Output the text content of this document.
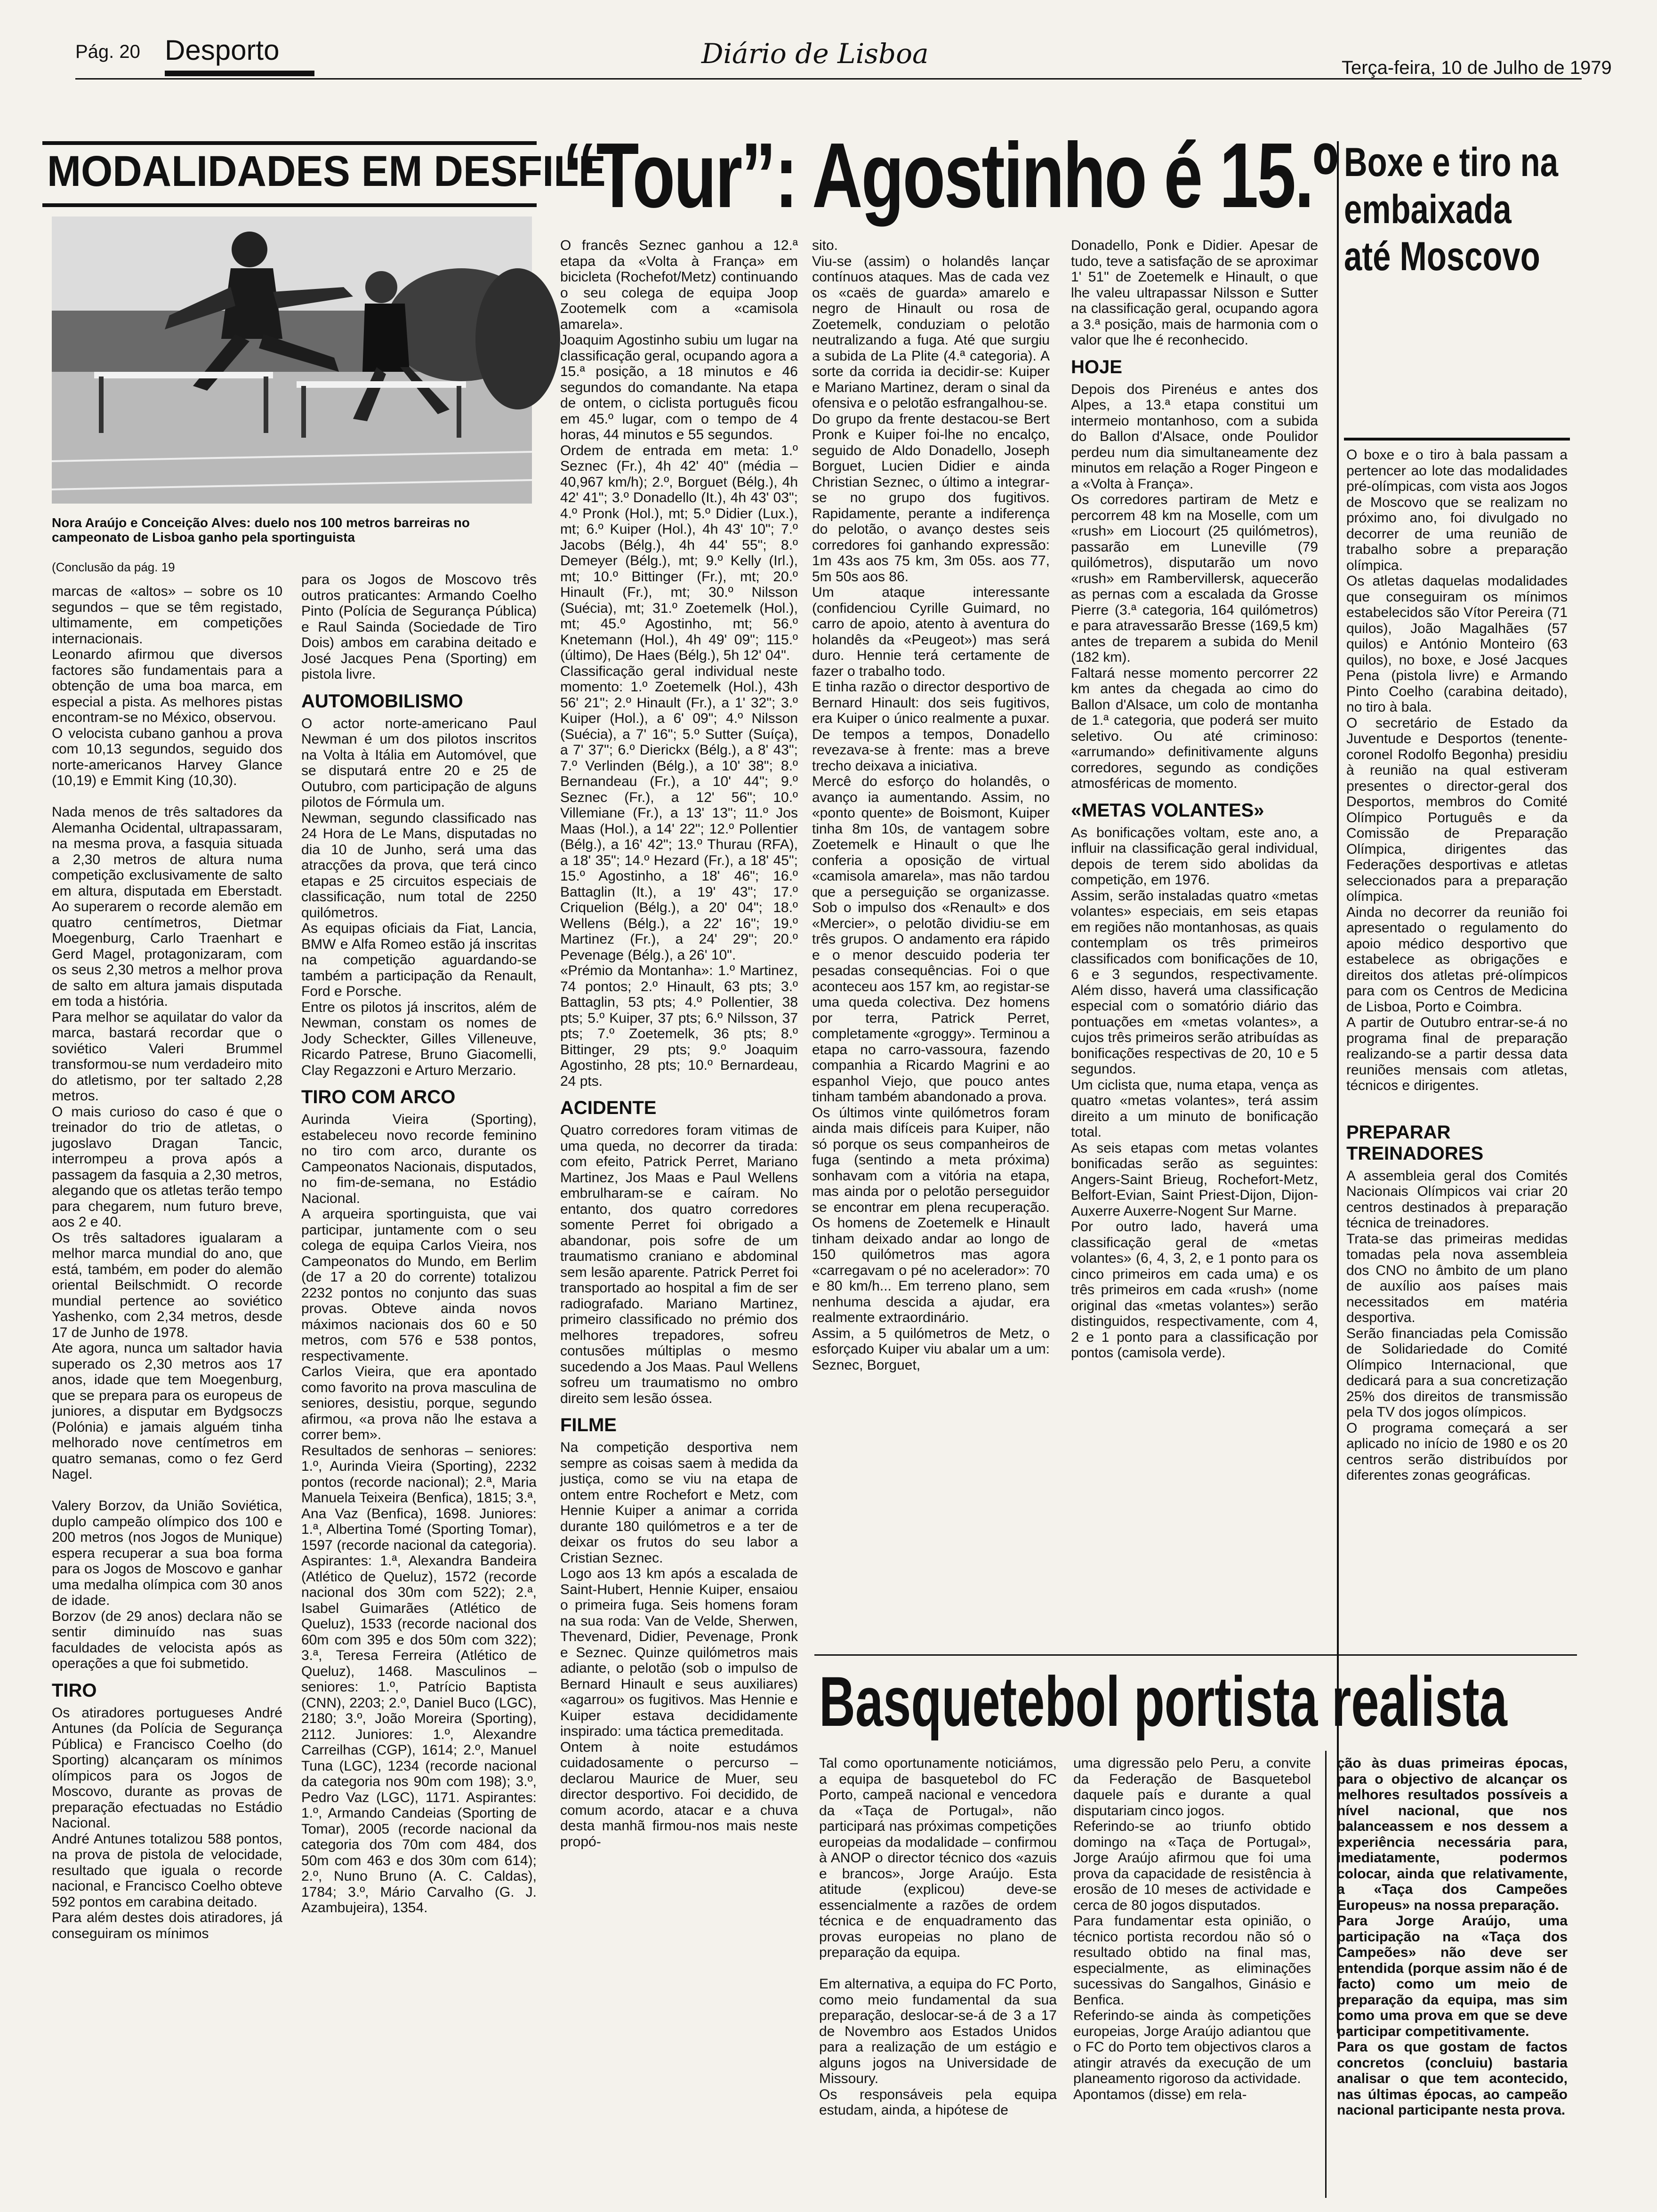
Pág. 20 Desporto	Diário de Lisboa	Terça-feira, 10 de Julho de 1979
MODALIDADES EM DESFILE
Nora Araújo e Conceição Alves: duelo nos 100 metros barreiras no campeonato de Lisboa ganho pela sportinguista
(Conclusão da pág. 19

marcas de «altos» – sobre os 10 segundos – que se têm registado, ultimamente, em competições internacionais.
Leonardo afirmou que diversos factores são fundamentais para a obtenção de uma boa marca, em especial a pista. As melhores pistas encontram-se no México, observou.
O velocista cubano ganhou a prova com 10,13 segundos, seguido dos norte-americanos Harvey Glance (10,19) e Emmit King (10,30).

Nada menos de três saltadores da Alemanha Ocidental, ultrapassaram, na mesma prova, a fasquia situada a 2,30 metros de altura numa competição exclusivamente de salto em altura, disputada em Eberstadt. Ao superarem o recorde alemão em quatro centímetros, Dietmar Moegenburg, Carlo Traenhart e Gerd Magel, protagonizaram, com os seus 2,30 metros a melhor prova de salto em altura jamais disputada em toda a história.
Para melhor se aquilatar do valor da marca, bastará recordar que o soviético Valeri Brummel transformou-se num verdadeiro mito do atletismo, por ter saltado 2,28 metros.
O mais curioso do caso é que o treinador do trio de atletas, o jugoslavo Dragan Tancic, interrompeu a prova após a passagem da fasquia a 2,30 metros, alegando que os atletas terão tempo para chegarem, num futuro breve, aos 2 e 40.
Os três saltadores igualaram a melhor marca mundial do ano, que está, também, em poder do alemão oriental Beilschmidt. O recorde mundial pertence ao soviético Yashenko, com 2,34 metros, desde 17 de Junho de 1978.
Ate agora, nunca um saltador havia superado os 2,30 metros aos 17 anos, idade que tem Moegenburg, que se prepara para os europeus de juniores, a disputar em Bydgsoczs (Polónia) e jamais alguém tinha melhorado nove centímetros em quatro semanas, como o fez Gerd Nagel.

Valery Borzov, da União Soviética, duplo campeão olímpico dos 100 e 200 metros (nos Jogos de Munique) espera recuperar a sua boa forma para os Jogos de Moscovo e ganhar uma medalha olímpica com 30 anos de idade.
Borzov (de 29 anos) declara não se sentir diminuído nas suas faculdades de velocista após as operações a que foi submetido.

TIRO

Os atiradores portugueses André Antunes (da Polícia de Segurança Pública) e Francisco Coelho (do Sporting) alcançaram os mínimos olímpicos para os Jogos de Moscovo, durante as provas de preparação efectuadas no Estádio Nacional.
André Antunes totalizou 588 pontos, na prova de pistola de velocidade, resultado que iguala o recorde nacional, e Francisco Coelho obteve 592 pontos em carabina deitado.
Para além destes dois atiradores, já conseguiram os mínimos

para os Jogos de Moscovo três outros praticantes: Armando Coelho Pinto (Polícia de Segurança Pública) e Raul Sainda (Sociedade de Tiro Dois) ambos em carabina deitado e José Jacques Pena (Sporting) em pistola livre.

AUTOMOBILISMO

O actor norte-americano Paul Newman é um dos pilotos inscritos na Volta à Itália em Automóvel, que se disputará entre 20 e 25 de Outubro, com participação de alguns pilotos de Fórmula um.
Newman, segundo classificado nas 24 Hora de Le Mans, disputadas no dia 10 de Junho, será uma das atracções da prova, que terá cinco etapas e 25 circuitos especiais de classificação, num total de 2250 quilómetros.
As equipas oficiais da Fiat, Lancia, BMW e Alfa Romeo estão já inscritas na competição aguardando-se também a participação da Renault, Ford e Porsche.
Entre os pilotos já inscritos, além de Newman, constam os nomes de Jody Scheckter, Gilles Villeneuve, Ricardo Patrese, Bruno Giacomelli, Clay Regazzoni e Arturo Merzario.

TIRO COM ARCO

Aurinda Vieira (Sporting), estabeleceu novo recorde feminino no tiro com arco, durante os Campeonatos Nacionais, disputados, no fim-de-semana, no Estádio Nacional.
A arqueira sportinguista, que vai participar, juntamente com o seu colega de equipa Carlos Vieira, nos Campeonatos do Mundo, em Berlim (de 17 a 20 do corrente) totalizou 2232 pontos no conjunto das suas provas. Obteve ainda novos máximos nacionais dos 60 e 50 metros, com 576 e 538 pontos, respectivamente.
Carlos Vieira, que era apontado como favorito na prova masculina de seniores, desistiu, porque, segundo afirmou, «a prova não lhe estava a correr bem».
Resultados de senhoras – seniores: 1.º, Aurinda Vieira (Sporting), 2232 pontos (recorde nacional); 2.ª, Maria Manuela Teixeira (Benfica), 1815; 3.ª, Ana Vaz (Benfica), 1698. Juniores: 1.ª, Albertina Tomé (Sporting Tomar), 1597 (recorde nacional da categoria). Aspirantes: 1.ª, Alexandra Bandeira (Atlético de Queluz), 1572 (recorde nacional dos 30m com 522); 2.ª, Isabel Guimarães (Atlético de Queluz), 1533 (recorde nacional dos 60m com 395 e dos 50m com 322); 3.ª, Teresa Ferreira (Atlético de Queluz), 1468. Masculinos – seniores: 1.º, Patrício Baptista (CNN), 2203; 2.º, Daniel Buco (LGC), 2180; 3.º, João Moreira (Sporting), 2112. Juniores: 1.º, Alexandre Carreilhas (CGP), 1614; 2.º, Manuel Tuna (LGC), 1234 (recorde nacional da categoria nos 90m com 198); 3.º, Pedro Vaz (LGC), 1171. Aspirantes: 1.º, Armando Candeias (Sporting de Tomar), 2005 (recorde nacional da categoria dos 70m com 484, dos 50m com 463 e dos 30m com 614); 2.º, Nuno Bruno (A. C. Caldas), 1784; 3.º, Mário Carvalho (G. J. Azambujeira), 1354.

“Tour”: Agostinho é 15.º

O francês Seznec ganhou a 12.ª etapa da «Volta à França» em bicicleta (Rochefot/Metz) continuando o seu colega de equipa Joop Zootemelk com a «camisola amarela».
Joaquim Agostinho subiu um lugar na classificação geral, ocupando agora a 15.ª posição, a 18 minutos e 46 segundos do comandante. Na etapa de ontem, o ciclista português ficou em 45.º lugar, com o tempo de 4 horas, 44 minutos e 55 segundos.
Ordem de entrada em meta: 1.º Seznec (Fr.), 4h 42' 40" (média – 40,967 km/h); 2.º, Borguet (Bélg.), 4h 42' 41"; 3.º Donadello (It.), 4h 43' 03"; 4.º Pronk (Hol.), mt; 5.º Didier (Lux.), mt; 6.º Kuiper (Hol.), 4h 43' 10"; 7.º Jacobs (Bélg.), 4h 44' 55"; 8.º Demeyer (Bélg.), mt; 9.º Kelly (Irl.), mt; 10.º Bittinger (Fr.), mt; 20.º Hinault (Fr.), mt; 30.º Nilsson (Suécia), mt; 31.º Zoetemelk (Hol.), mt; 45.º Agostinho, mt; 56.º Knetemann (Hol.), 4h 49' 09"; 115.º (último), De Haes (Bélg.), 5h 12' 04".
Classificação geral individual neste momento: 1.º Zoetemelk (Hol.), 43h 56' 21"; 2.º Hinault (Fr.), a 1' 32"; 3.º Kuiper (Hol.), a 6' 09"; 4.º Nilsson (Suécia), a 7' 16"; 5.º Sutter (Suíça), a 7' 37"; 6.º Dierickx (Bélg.), a 8' 43"; 7.º Verlinden (Bélg.), a 10' 38"; 8.º Bernandeau (Fr.), a 10' 44"; 9.º Seznec (Fr.), a 12' 56"; 10.º Villemiane (Fr.), a 13' 13"; 11.º Jos Maas (Hol.), a 14' 22"; 12.º Pollentier (Bélg.), a 16' 42"; 13.º Thurau (RFA), a 18' 35"; 14.º Hezard (Fr.), a 18' 45"; 15.º Agostinho, a 18' 46"; 16.º Battaglin (It.), a 19' 43"; 17.º Criquelion (Bélg.), a 20' 04"; 18.º Wellens (Bélg.), a 22' 16"; 19.º Martinez (Fr.), a 24' 29"; 20.º Pevenage (Bélg.), a 26' 10".
«Prémio da Montanha»: 1.º Martinez, 74 pontos; 2.º Hinault, 63 pts; 3.º Battaglin, 53 pts; 4.º Pollentier, 38 pts; 5.º Kuiper, 37 pts; 6.º Nilsson, 37 pts; 7.º Zoetemelk, 36 pts; 8.º Bittinger, 29 pts; 9.º Joaquim Agostinho, 28 pts; 10.º Bernardeau, 24 pts.

ACIDENTE

Quatro corredores foram vitimas de uma queda, no decorrer da tirada: com efeito, Patrick Perret, Mariano Martinez, Jos Maas e Paul Wellens embrulharam-se e caíram. No entanto, dos quatro corredores somente Perret foi obrigado a abandonar, pois sofre de um traumatismo craniano e abdominal sem lesão aparente. Patrick Perret foi transportado ao hospital a fim de ser radiografado. Mariano Martinez, primeiro classificado no prémio dos melhores trepadores, sofreu contusões múltiplas o mesmo sucedendo a Jos Maas. Paul Wellens sofreu um traumatismo no ombro direito sem lesão óssea.

FILME

Na competição desportiva nem sempre as coisas saem à medida da justiça, como se viu na etapa de ontem entre Rochefort e Metz, com Hennie Kuiper a animar a corrida durante 180 quilómetros e a ter de deixar os frutos do seu labor a Cristian Seznec.
Logo aos 13 km após a escalada de Saint-Hubert, Hennie Kuiper, ensaiou o primeira fuga. Seis homens foram na sua roda: Van de Velde, Sherwen, Thevenard, Didier, Pevenage, Pronk e Seznec. Quinze quilómetros mais adiante, o pelotão (sob o impulso de Bernard Hinault e seus auxiliares) «agarrou» os fugitivos. Mas Hennie e Kuiper estava decididamente inspirado: uma táctica premeditada.
Ontem à noite estudámos cuidadosamente o percurso – declarou Maurice de Muer, seu director desportivo. Foi decidido, de comum acordo, atacar e a chuva desta manhã firmou-nos mais neste propó-

sito.
Viu-se (assim) o holandês lançar contínuos ataques. Mas de cada vez os «caës de guarda» amarelo e negro de Hinault ou rosa de Zoetemelk, conduziam o pelotão neutralizando a fuga. Até que surgiu a subida de La Plite (4.ª categoria). A sorte da corrida ia decidir-se: Kuiper e Mariano Martinez, deram o sinal da ofensiva e o pelotão esfrangalhou-se.
Do grupo da frente destacou-se Bert Pronk e Kuiper foi-lhe no encalço, seguido de Aldo Donadello, Joseph Borguet, Lucien Didier e ainda Christian Seznec, o último a integrar-se no grupo dos fugitivos. Rapidamente, perante a indiferença do pelotão, o avanço destes seis corredores foi ganhando expressão: 1m 43s aos 75 km, 3m 05s. aos 77, 5m 50s aos 86.
Um ataque interessante (confidenciou Cyrille Guimard, no carro de apoio, atento à aventura do holandês da «Peugeot») mas será duro. Hennie terá certamente de fazer o trabalho todo.
E tinha razão o director desportivo de Bernard Hinault: dos seis fugitivos, era Kuiper o único realmente a puxar. De tempos a tempos, Donadello revezava-se à frente: mas a breve trecho deixava a iniciativa.
Mercê do esforço do holandês, o avanço ia aumentando. Assim, no «ponto quente» de Boismont, Kuiper tinha 8m 10s, de vantagem sobre Zoetemelk e Hinault o que lhe conferia a oposição de virtual «camisola amarela», mas não tardou que a perseguição se organizasse. Sob o impulso dos «Renault» e dos «Mercier», o pelotão dividiu-se em três grupos. O andamento era rápido e o menor descuido poderia ter pesadas consequências. Foi o que aconteceu aos 157 km, ao registar-se uma queda colectiva. Dez homens por terra, Patrick Perret, completamente «groggy». Terminou a etapa no carro-vassoura, fazendo companhia a Ricardo Magrini e ao espanhol Viejo, que pouco antes tinham também abandonado a prova.
Os últimos vinte quilómetros foram ainda mais difíceis para Kuiper, não só porque os seus companheiros de fuga (sentindo a meta próxima) sonhavam com a vitória na etapa, mas ainda por o pelotão perseguidor se encontrar em plena recuperação. Os homens de Zoetemelk e Hinault tinham deixado andar ao longo de 150 quilómetros mas agora «carregavam o pé no acelerador»: 70 e 80 km/h... Em terreno plano, sem nenhuma descida a ajudar, era realmente extraordinário.
Assim, a 5 quilómetros de Metz, o esforçado Kuiper viu abalar um a um: Seznec, Borguet,

Donadello, Ponk e Didier. Apesar de tudo, teve a satisfação de se aproximar 1' 51" de Zoetemelk e Hinault, o que lhe valeu ultrapassar Nilsson e Sutter na classificação geral, ocupando agora a 3.ª posição, mais de harmonia com o valor que lhe é reconhecido.

HOJE

Depois dos Pirenéus e antes dos Alpes, a 13.ª etapa constitui um intermeio montanhoso, com a subida do Ballon d'Alsace, onde Poulidor perdeu num dia simultaneamente dez minutos em relação a Roger Pingeon e a «Volta à França».
Os corredores partiram de Metz e percorrem 48 km na Moselle, com um «rush» em Liocourt (25 quilómetros), passarão em Luneville (79 quilómetros), disputarão um novo «rush» em Rambervillersk, aquecerão as pernas com a escalada da Grosse Pierre (3.ª categoria, 164 quilómetros) e para atravessarão Bresse (169,5 km) antes de treparem a subida do Menil (182 km).
Faltará nesse momento percorrer 22 km antes da chegada ao cimo do Ballon d'Alsace, um colo de montanha de 1.ª categoria, que poderá ser muito seletivo. Ou até criminoso: «arrumando» definitivamente alguns corredores, segundo as condições atmosféricas de momento.

«METAS VOLANTES»

As bonificações voltam, este ano, a influir na classificação geral individual, depois de terem sido abolidas da competição, em 1976.
Assim, serão instaladas quatro «metas volantes» especiais, em seis etapas em regiões não montanhosas, as quais contemplam os três primeiros classificados com bonificações de 10, 6 e 3 segundos, respectivamente. Além disso, haverá uma classificação especial com o somatório diário das pontuações em «metas volantes», a cujos três primeiros serão atribuídas as bonificações respectivas de 20, 10 e 5 segundos.
Um ciclista que, numa etapa, vença as quatro «metas volantes», terá assim direito a um minuto de bonificação total.
As seis etapas com metas volantes bonificadas serão as seguintes: Angers-Saint Brieug, Rochefort-Metz, Belfort-Evian, Saint Priest-Dijon, Dijon-Auxerre Auxerre-Nogent Sur Marne.
Por outro lado, haverá uma classificação geral de «metas volantes» (6, 4, 3, 2, e 1 ponto para os cinco primeiros em cada uma) e os três primeiros em cada «rush» (nome original das «metas volantes») serão distinguidos, respectivamente, com 4, 2 e 1 ponto para a classificação por pontos (camisola verde).

Boxe e tiro na embaixada até Moscovo

O boxe e o tiro à bala passam a pertencer ao lote das modalidades pré-olímpicas, com vista aos Jogos de Moscovo que se realizam no próximo ano, foi divulgado no decorrer de uma reunião de trabalho sobre a preparação olímpica.
Os atletas daquelas modalidades que conseguiram os mínimos estabelecidos são Vítor Pereira (71 quilos), João Magalhães (57 quilos) e António Monteiro (63 quilos), no boxe, e José Jacques Pena (pistola livre) e Armando Pinto Coelho (carabina deitado), no tiro à bala.
O secretário de Estado da Juventude e Desportos (tenente-coronel Rodolfo Begonha) presidiu à reunião na qual estiveram presentes o director-geral dos Desportos, membros do Comité Olímpico Português e da Comissão de Preparação Olímpica, dirigentes das Federações desportivas e atletas seleccionados para a preparação olímpica.
Ainda no decorrer da reunião foi apresentado o regulamento do apoio médico desportivo que estabelece as obrigações e direitos dos atletas pré-olímpicos para com os Centros de Medicina de Lisboa, Porto e Coimbra.
A partir de Outubro entrar-se-á no programa final de preparação realizando-se a partir dessa data reuniões mensais com atletas, técnicos e dirigentes.

PREPARAR TREINADORES

A assembleia geral dos Comités Nacionais Olímpicos vai criar 20 centros destinados à preparação técnica de treinadores.
Trata-se das primeiras medidas tomadas pela nova assembleia dos CNO no âmbito de um plano de auxílio aos países mais necessitados em matéria desportiva.
Serão financiadas pela Comissão de Solidariedade do Comité Olímpico Internacional, que dedicará para a sua concretização 25% dos direitos de transmissão pela TV dos jogos olímpicos.
O programa começará a ser aplicado no início de 1980 e os 20 centros serão distribuídos por diferentes zonas geográficas.

Basquetebol portista realista

Tal como oportunamente noticiámos, a equipa de basquetebol do FC Porto, campeã nacional e vencedora da «Taça de Portugal», não participará nas próximas competições europeias da modalidade – confirmou à ANOP o director técnico dos «azuis e brancos», Jorge Araújo. Esta atitude (explicou) deve-se essencialmente a razões de ordem técnica e de enquadramento das provas europeias no plano de preparação da equipa.

Em alternativa, a equipa do FC Porto, como meio fundamental da sua preparação, deslocar-se-á de 3 a 17 de Novembro aos Estados Unidos para a realização de um estágio e alguns jogos na Universidade de Missoury.
Os responsáveis pela equipa estudam, ainda, a hipótese de

uma digressão pelo Peru, a convite da Federação de Basquetebol daquele país e durante a qual disputariam cinco jogos.
Referindo-se ao triunfo obtido domingo na «Taça de Portugal», Jorge Araújo afirmou que foi uma prova da capacidade de resistência à erosão de 10 meses de actividade e cerca de 80 jogos disputados.
Para fundamentar esta opinião, o técnico portista recordou não só o resultado obtido na final mas, especialmente, as eliminações sucessivas do Sangalhos, Ginásio e Benfica.
Referindo-se ainda às competições europeias, Jorge Araújo adiantou que o FC do Porto tem objectivos claros a atingir através da execução de um planeamento rigoroso da actividade.
Apontamos (disse) em rela-

ção às duas primeiras épocas, para o objectivo de alcançar os melhores resultados possíveis a nível nacional, que nos balanceassem e nos dessem a experiência necessária para, imediatamente, podermos colocar, ainda que relativamente, a «Taça dos Campeões Europeus» na nossa preparação.
Para Jorge Araújo, uma participação na «Taça dos Campeões» não deve ser entendida (porque assim não é de facto) como um meio de preparação da equipa, mas sim como uma prova em que se deve participar competitivamente.
Para os que gostam de factos concretos (concluiu) bastaria analisar o que tem acontecido, nas últimas épocas, ao campeão nacional participante nesta prova.
